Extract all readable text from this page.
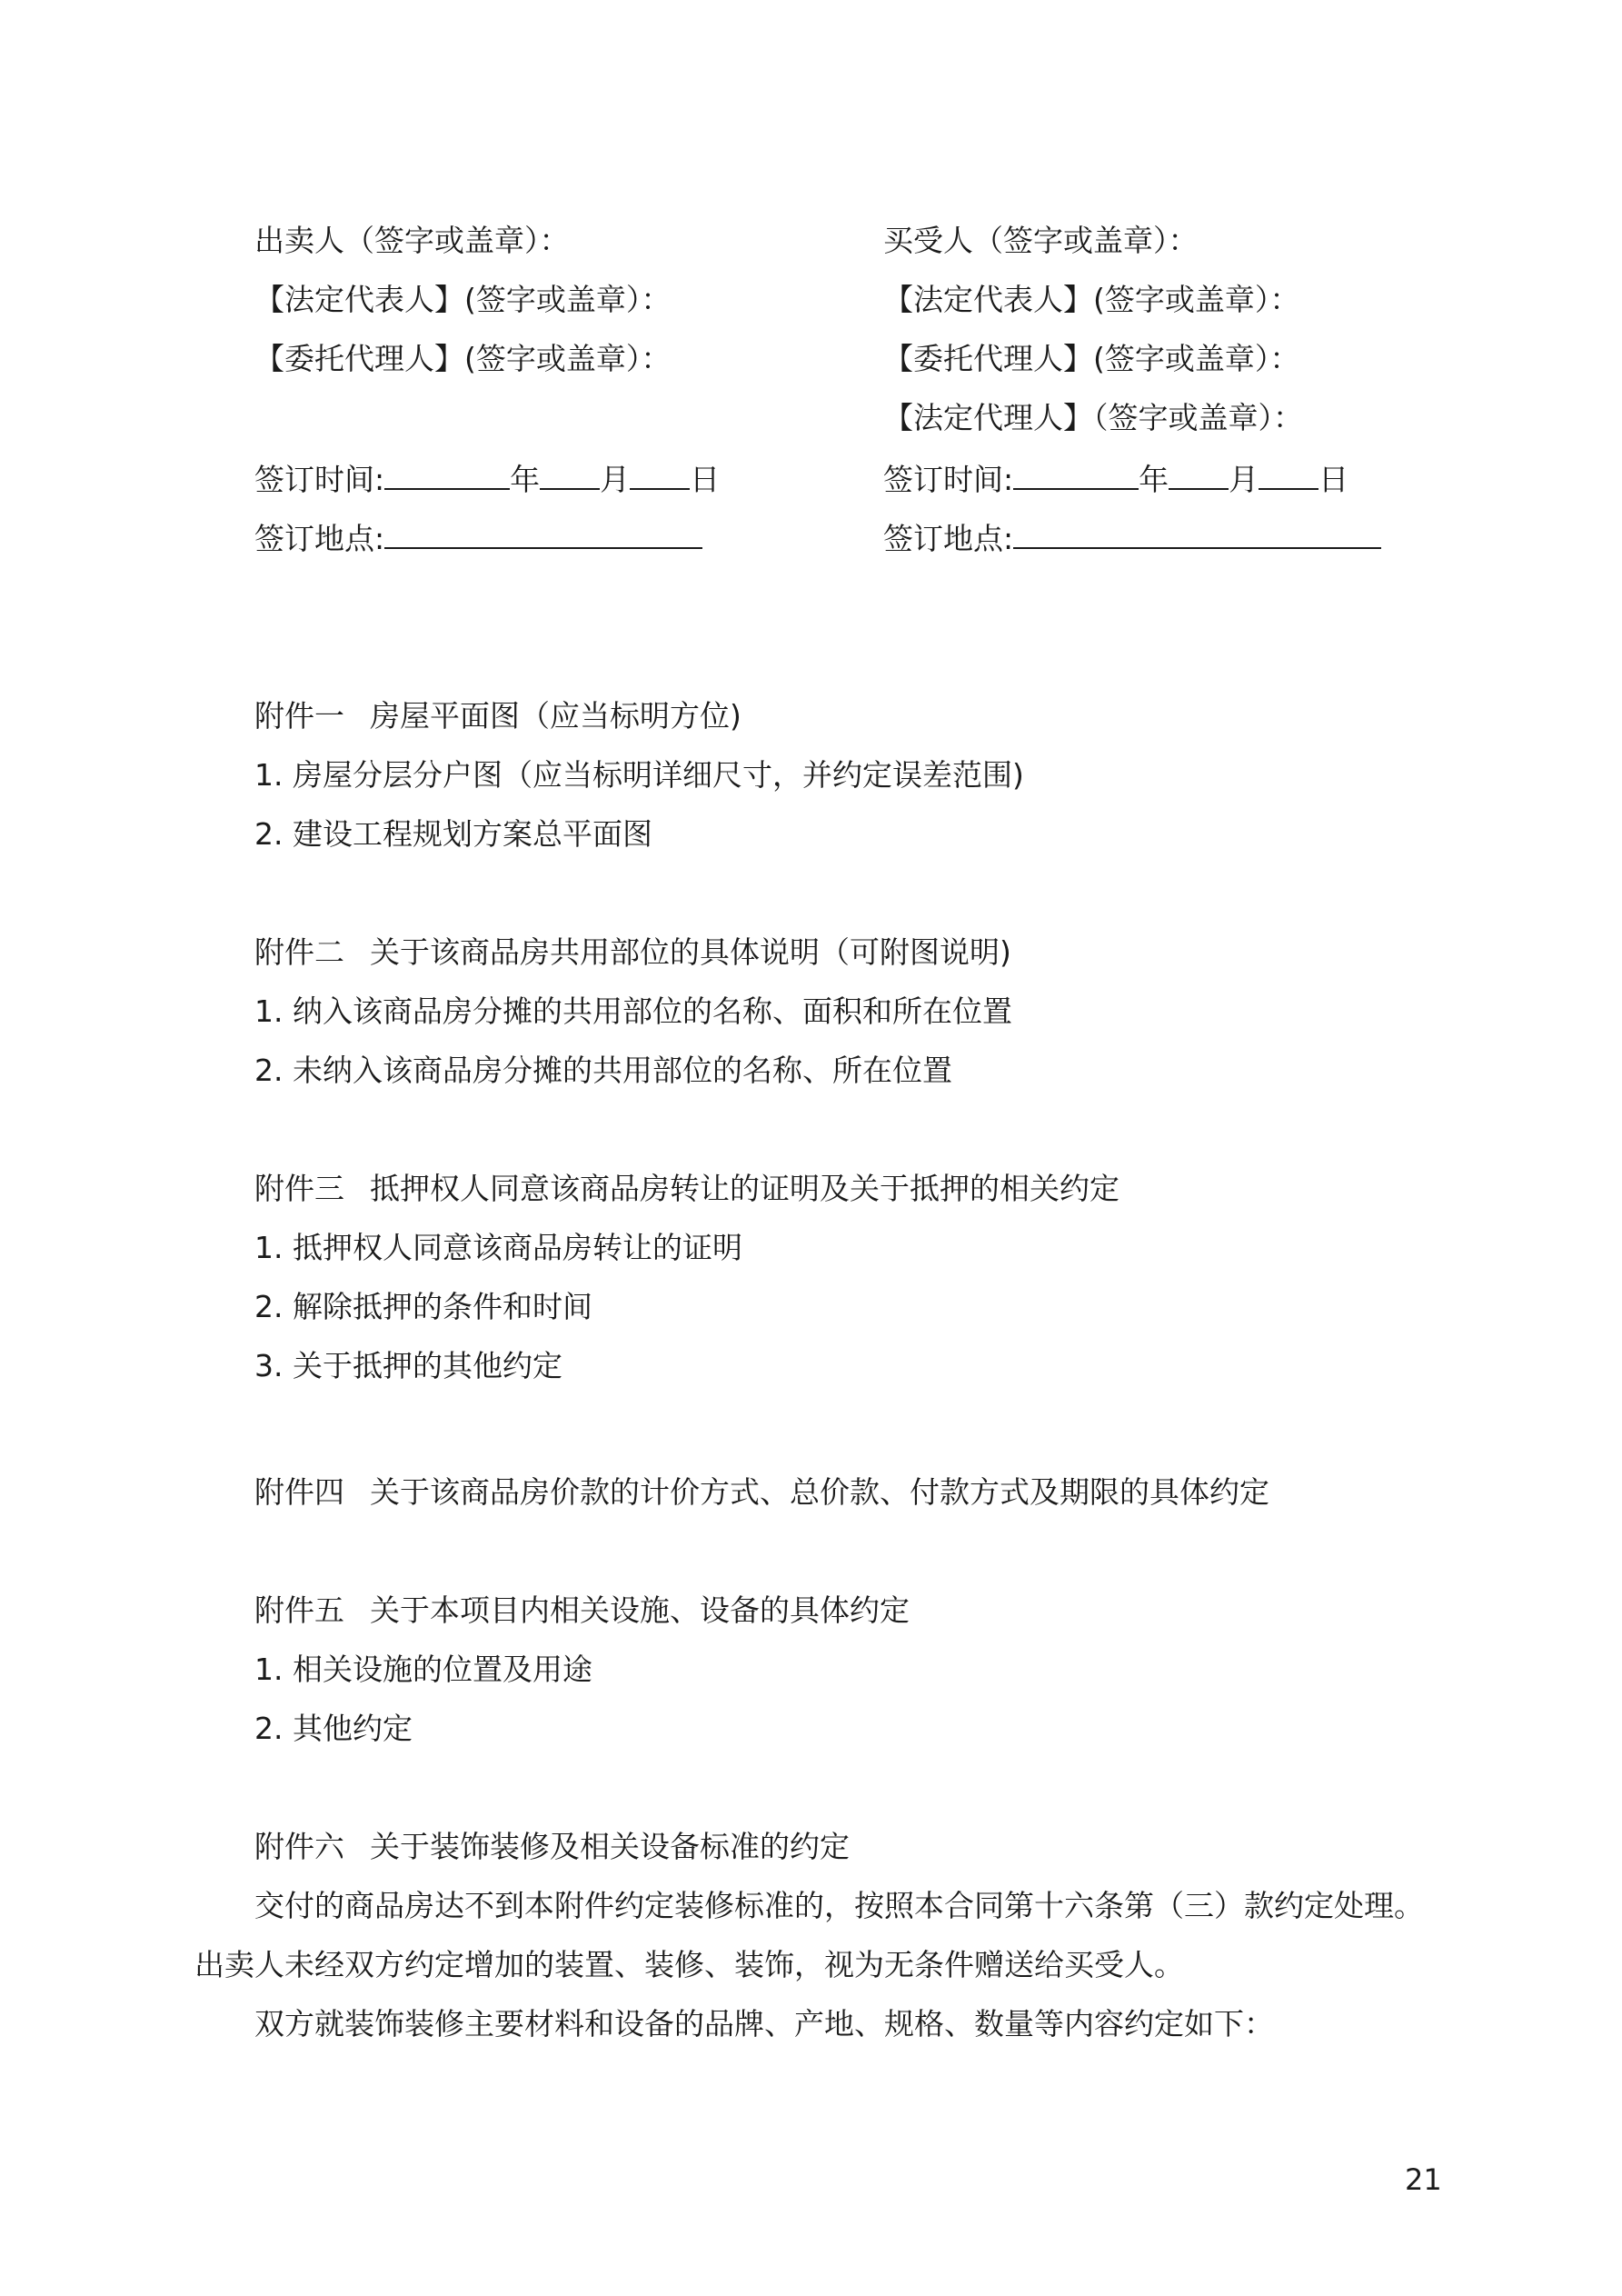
出卖人（签字或盖章）：
【法定代表人】(签字或盖章）：
【委托代理人】(签字或盖章）：
签订时间:	年 月 日
签订地点:
买受人（签字或盖章）：
【法定代表人】(签字或盖章）：
【委托代理人】(签字或盖章）：
【法定代理人】（签字或盖章）：
签订时间:	年 月 日
签订地点:
附件一 房屋平面图（应当标明方位)
1. 房屋分层分户图（应当标明详细尺寸，并约定误差范围)
2. 建设工程规划方案总平面图
附件二 关于该商品房共用部位的具体说明（可附图说明)
1. 纳入该商品房分摊的共用部位的名称、面积和所在位置
2. 未纳入该商品房分摊的共用部位的名称、所在位置
附件三 抵押权人同意该商品房转让的证明及关于抵押的相关约定
1. 抵押权人同意该商品房转让的证明
2. 解除抵押的条件和时间
3. 关于抵押的其他约定
附件四 关于该商品房价款的计价方式、总价款、付款方式及期限的具体约定
附件五 关于本项目内相关设施、设备的具体约定
1. 相关设施的位置及用途
2. 其他约定
附件六 关于装饰装修及相关设备标准的约定
交付的商品房达不到本附件约定装修标准的，按照本合同第十六条第（三）款约定处理。
出卖人未经双方约定增加的装置、装修、装饰，视为无条件赠送给买受人。
双方就装饰装修主要材料和设备的品牌、产地、规格、数量等内容约定如下：
21
